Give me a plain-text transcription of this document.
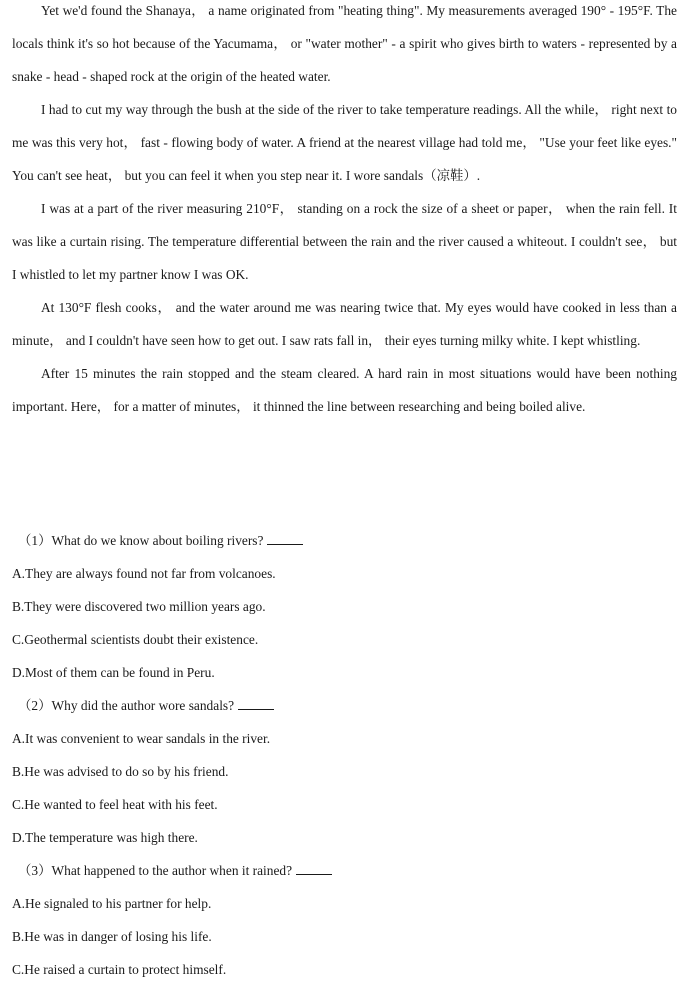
Yet we'd found the Shanaya， a name originated from "heating thing". My measurements averaged 190° - 195°F. The locals think it's so hot because of the Yacumama， or "water mother" - a spirit who gives birth to waters - represented by a snake - head - shaped rock at the origin of the heated water.

I had to cut my way through the bush at the side of the river to take temperature readings. All the while， right next to me was this very hot， fast - flowing body of water. A friend at the nearest village had told me， "Use your feet like eyes." You can't see heat， but you can feel it when you step near it. I wore sandals（凉鞋）.

I was at a part of the river measuring 210°F， standing on a rock the size of a sheet or paper， when the rain fell. It was like a curtain rising. The temperature differential between the rain and the river caused a whiteout. I couldn't see， but I whistled to let my partner know I was OK.

At 130°F flesh cooks， and the water around me was nearing twice that. My eyes would have cooked in less than a minute， and I couldn't have seen how to get out. I saw rats fall in， their eyes turning milky white. I kept whistling.

After 15 minutes the rain stopped and the steam cleared. A hard rain in most situations would have been nothing important. Here， for a matter of minutes， it thinned the line between researching and being boiled alive.

（1）What do we know about boiling rivers?
A.They are always found not far from volcanoes.
B.They were discovered two million years ago.
C.Geothermal scientists doubt their existence.
D.Most of them can be found in Peru.
（2）Why did the author wore sandals?
A.It was convenient to wear sandals in the river.
B.He was advised to do so by his friend.
C.He wanted to feel heat with his feet.
D.The temperature was high there.
（3）What happened to the author when it rained?
A.He signaled to his partner for help.
B.He was in danger of losing his life.
C.He raised a curtain to protect himself.
